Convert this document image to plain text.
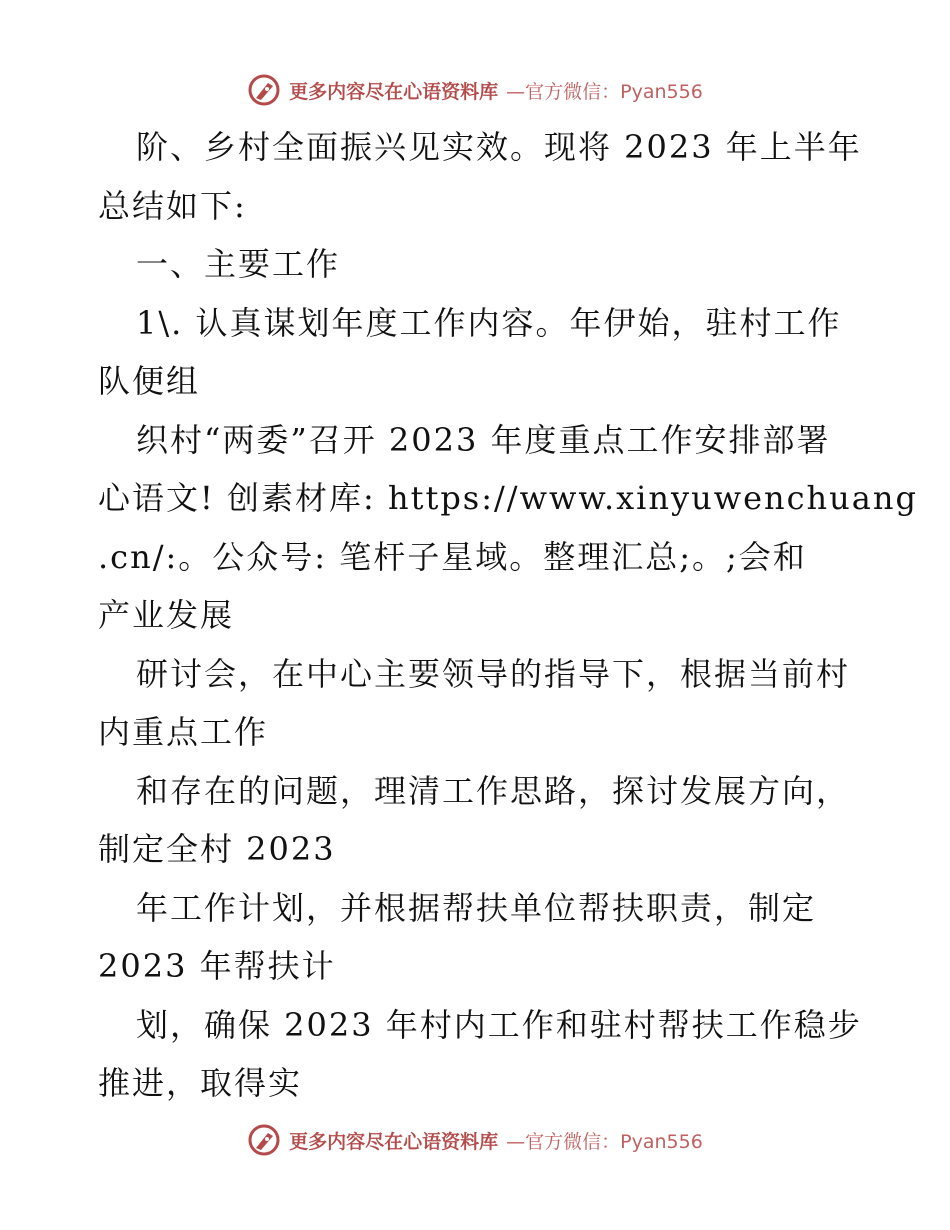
更多内容尽在心语资料库 —官方微信：Pyan556
阶、乡村全面振兴见实效。现将 2023 年上半年
总结如下:
一、主要工作
1\. 认真谋划年度工作内容。年伊始，驻村工作
队便组
织村“两委”召开 2023 年度重点工作安排部署
心语文! 创素材库: https://www.xinyuwenchuang
.cn/:。公众号: 笔杆子星域。整理汇总;。;会和
产业发展
研讨会，在中心主要领导的指导下，根据当前村
内重点工作
和存在的问题，理清工作思路，探讨发展方向，
制定全村 2023
年工作计划，并根据帮扶单位帮扶职责，制定
2023 年帮扶计
划，确保 2023 年村内工作和驻村帮扶工作稳步
推进，取得实
更多内容尽在心语资料库 —官方微信：Pyan556
